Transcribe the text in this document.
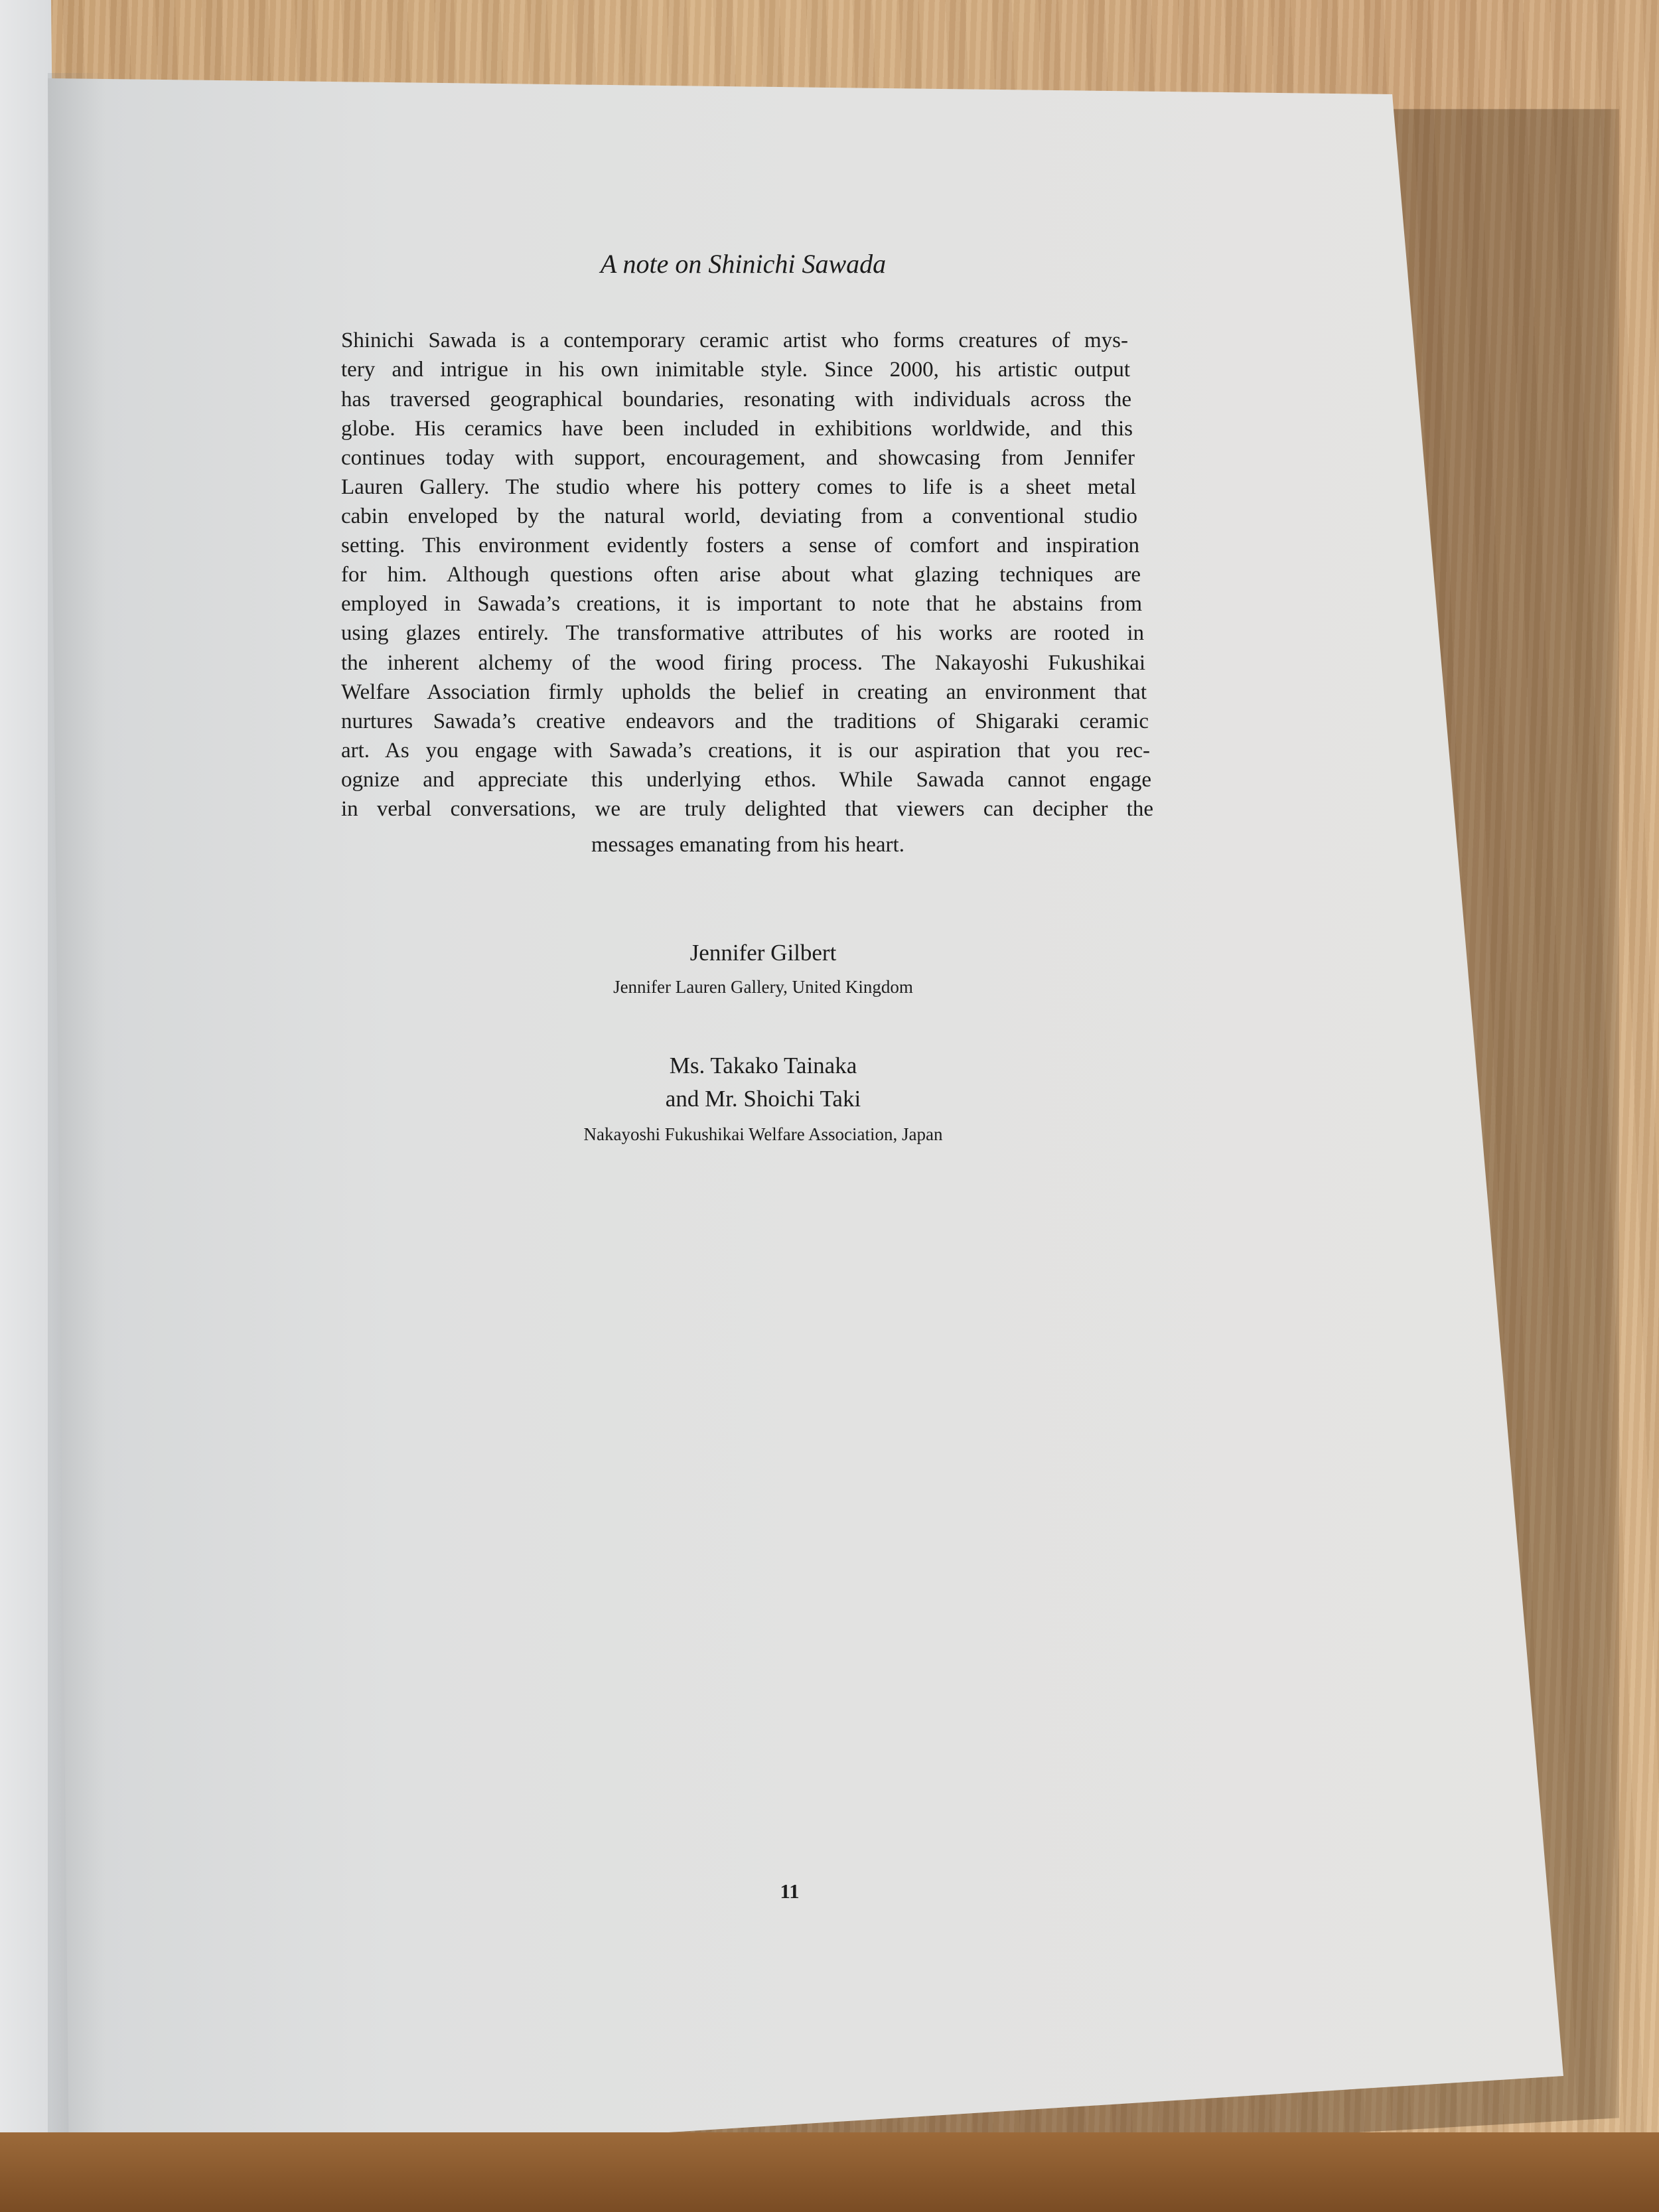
A note on Shinichi Sawada

Shinichi Sawada is a contemporary ceramic artist who forms creatures of mys-

tery and intrigue in his own inimitable style. Since 2000, his artistic output

has traversed geographical boundaries, resonating with individuals across the

globe. His ceramics have been included in exhibitions worldwide, and this

continues today with support, encouragement, and showcasing from Jennifer

Lauren Gallery. The studio where his pottery comes to life is a sheet metal

cabin enveloped by the natural world, deviating from a conventional studio

setting. This environment evidently fosters a sense of comfort and inspiration

for him. Although questions often arise about what glazing techniques are

employed in Sawada’s creations, it is important to note that he abstains from

using glazes entirely. The transformative attributes of his works are rooted in

the inherent alchemy of the wood firing process. The Nakayoshi Fukushikai

Welfare Association firmly upholds the belief in creating an environment that

nurtures Sawada’s creative endeavors and the traditions of Shigaraki ceramic

art. As you engage with Sawada’s creations, it is our aspiration that you rec-

ognize and appreciate this underlying ethos. While Sawada cannot engage

in verbal conversations, we are truly delighted that viewers can decipher the

messages emanating from his heart.

Jennifer Gilbert

Jennifer Lauren Gallery, United Kingdom

Ms. Takako Tainaka

and Mr. Shoichi Taki

Nakayoshi Fukushikai Welfare Association, Japan

11
